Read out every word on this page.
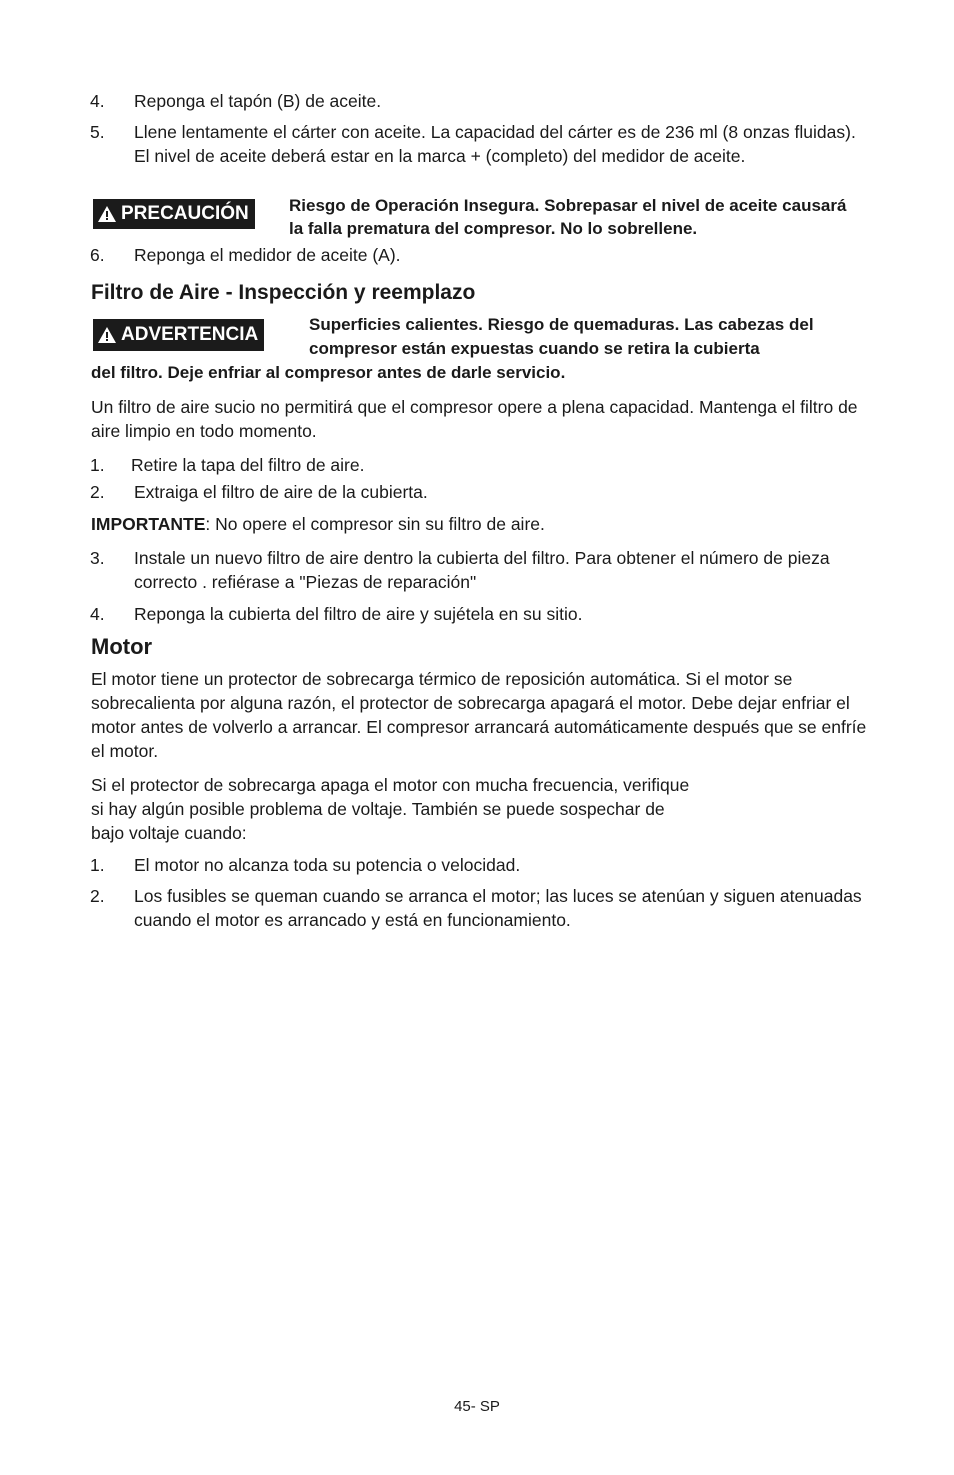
4. Reponga el tapón (B) de aceite.
5. Llene lentamente el cárter con aceite. La capacidad del cárter es de 236 ml (8 onzas fluidas). El nivel de aceite deberá estar en la marca + (completo) del medidor de aceite.
PRECAUCIÓN Riesgo de Operación Insegura. Sobrepasar el nivel de aceite causará la falla prematura del compresor. No lo sobrellene.
6. Reponga el medidor de aceite (A).
Filtro de Aire - Inspección y reemplazo
ADVERTENCIA	Superficies calientes. Riesgo de quemaduras. Las cabezas del compresor están expuestas cuando se retira la cubierta
del filtro. Deje enfriar al compresor antes de darle servicio.
Un filtro de aire sucio no permitirá que el compresor opere a plena capacidad. Mantenga el filtro de aire limpio en todo momento.
1. Retire la tapa del filtro de aire.
2. Extraiga el filtro de aire de la cubierta.
IMPORTANTE: No opere el compresor sin su filtro de aire.
3. Instale un nuevo filtro de aire dentro la cubierta del filtro. Para obtener el número de pieza correcto . refiérase a "Piezas de reparación"
4. Reponga la cubierta del filtro de aire y sujétela en su sitio.
Motor
El motor tiene un protector de sobrecarga térmico de reposición automática. Si el motor se sobrecalienta por alguna razón, el protector de sobrecarga apagará el motor. Debe dejar enfriar el motor antes de volverlo a arrancar. El compresor arrancará automáticamente después que se enfríe el motor.
Si el protector de sobrecarga apaga el motor con mucha frecuencia, verifique si hay algún posible problema de voltaje. También se puede sospechar de
bajo voltaje cuando:
1. El motor no alcanza toda su potencia o velocidad.
2. Los fusibles se queman cuando se arranca el motor; las luces se atenúan y siguen atenuadas cuando el motor es arrancado y está en funcionamiento.
45- SP
